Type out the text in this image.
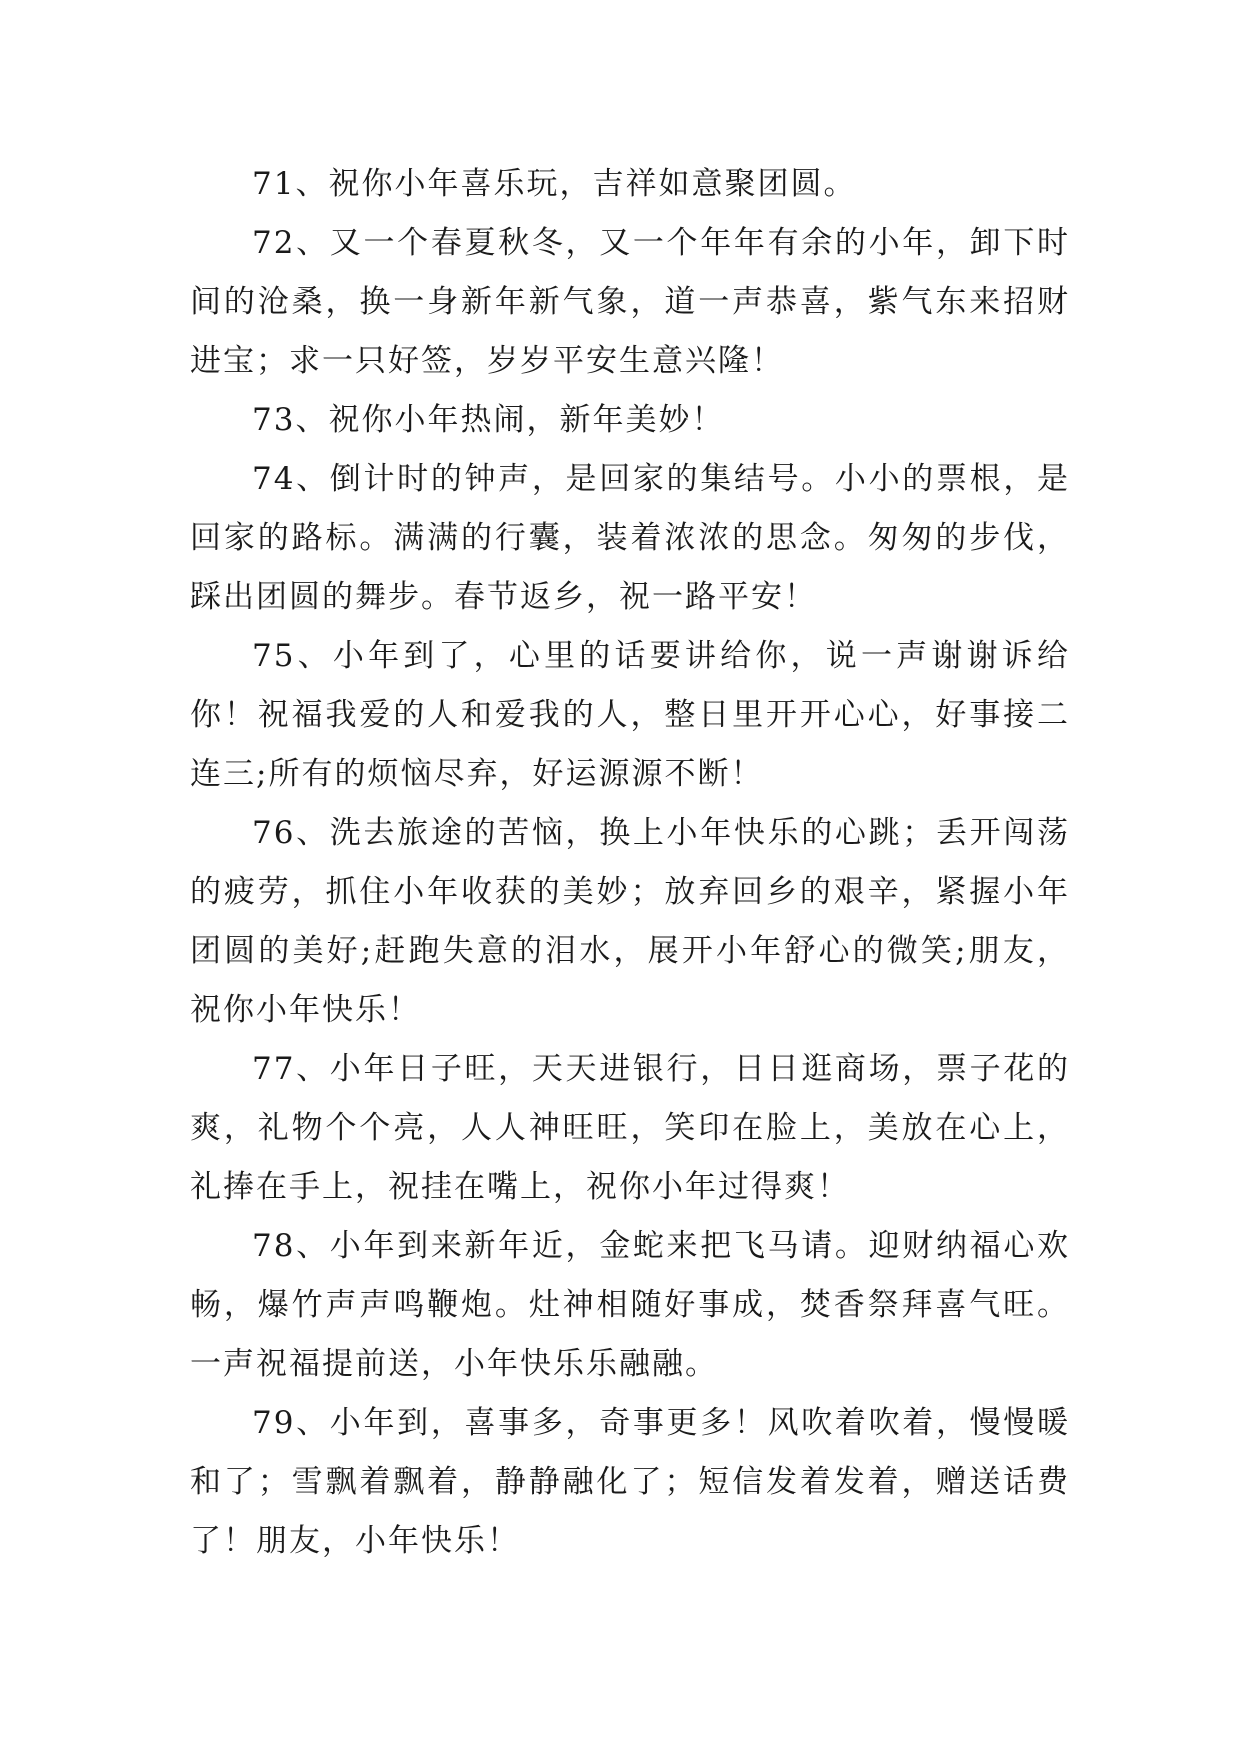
71、祝你小年喜乐玩，吉祥如意聚团圆。

72、又一个春夏秋冬，又一个年年有余的小年，卸下时间的沧桑，换一身新年新气象，道一声恭喜，紫气东来招财进宝；求一只好签，岁岁平安生意兴隆！

73、祝你小年热闹，新年美妙！

74、倒计时的钟声，是回家的集结号。小小的票根，是回家的路标。满满的行囊，装着浓浓的思念。匆匆的步伐，踩出团圆的舞步。春节返乡，祝一路平安！

75、小年到了，心里的话要讲给你，说一声谢谢诉给你！祝福我爱的人和爱我的人，整日里开开心心，好事接二连三;所有的烦恼尽弃，好运源源不断！

76、洗去旅途的苦恼，换上小年快乐的心跳；丢开闯荡的疲劳，抓住小年收获的美妙；放弃回乡的艰辛，紧握小年团圆的美好;赶跑失意的泪水，展开小年舒心的微笑;朋友，祝你小年快乐！

77、小年日子旺，天天进银行，日日逛商场，票子花的爽，礼物个个亮，人人神旺旺，笑印在脸上，美放在心上，礼捧在手上，祝挂在嘴上，祝你小年过得爽！

78、小年到来新年近，金蛇来把飞马请。迎财纳福心欢畅，爆竹声声鸣鞭炮。灶神相随好事成，焚香祭拜喜气旺。一声祝福提前送，小年快乐乐融融。

79、小年到，喜事多，奇事更多！风吹着吹着，慢慢暖和了；雪飘着飘着，静静融化了；短信发着发着，赠送话费了！朋友，小年快乐！
